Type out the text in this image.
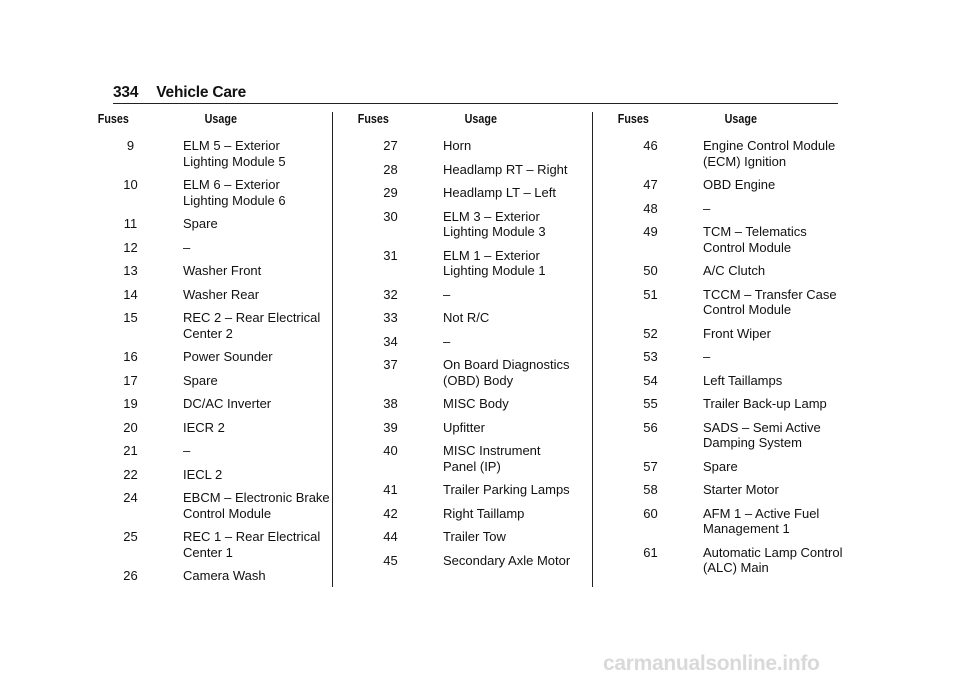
334 Vehicle Care
Fuses	Usage
9	ELM 5 – Exterior
Lighting Module 5
10	ELM 6 – Exterior
Lighting Module 6
11	Spare
12	–
13	Washer Front
14	Washer Rear
15	REC 2 – Rear Electrical
Center 2
16	Power Sounder
17	Spare
19	DC/AC Inverter
20	IECR 2
21	–
22	IECL 2
24	EBCM – Electronic Brake
Control Module
25	REC 1 – Rear Electrical
Center 1
26	Camera Wash
Fuses	Usage
27	Horn
28	Headlamp RT – Right
29	Headlamp LT – Left
30	ELM 3 – Exterior
Lighting Module 3
31	ELM 1 – Exterior
Lighting Module 1
32	–
33	Not R/C
34	–
37	On Board Diagnostics
(OBD) Body
38	MISC Body
39	Upfitter
40	MISC Instrument
Panel (IP)
41	Trailer Parking Lamps
42	Right Taillamp
44	Trailer Tow
45	Secondary Axle Motor
Fuses	Usage
46	Engine Control Module
(ECM) Ignition
47	OBD Engine
48	–
49	TCM – Telematics
Control Module
50	A/C Clutch
51	TCCM – Transfer Case
Control Module
52	Front Wiper
53	–
54	Left Taillamps
55	Trailer Back-up Lamp
56	SADS – Semi Active
Damping System
57	Spare
58	Starter Motor
60	AFM 1 – Active Fuel
Management 1
61	Automatic Lamp Control
(ALC) Main
carmanualsonline.info
